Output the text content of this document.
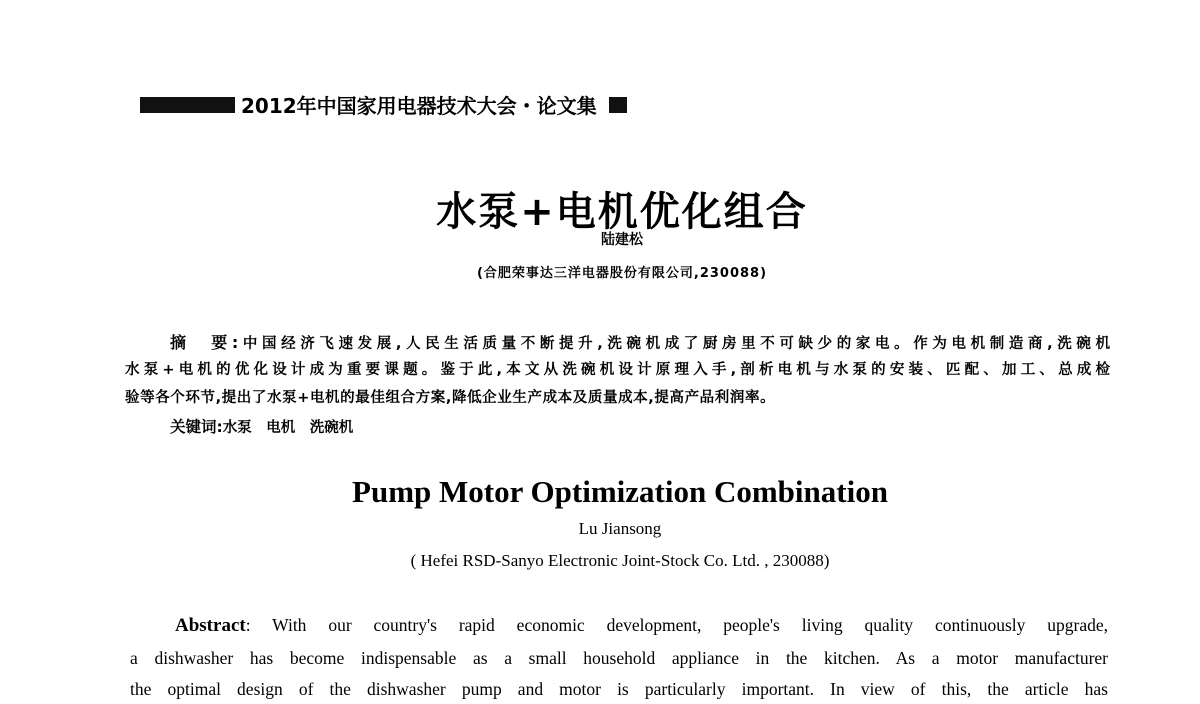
2012年中国家用电器技术大会・论文集
水泵+电机优化组合
陆建松
(合肥荣事达三洋电器股份有限公司,230088)
摘　要:中国经济飞速发展,人民生活质量不断提升,洗碗机成了厨房里不可缺少的家电。作为电机制造商,洗碗机
水泵+电机的优化设计成为重要课题。鉴于此,本文从洗碗机设计原理入手,剖析电机与水泵的安装、匹配、加工、总成检
验等各个环节,提出了水泵+电机的最佳组合方案,降低企业生产成本及质量成本,提高产品利润率。
关键词:水泵　电机　洗碗机
Pump Motor Optimization Combination
Lu Jiansong
( Hefei RSD-Sanyo Electronic Joint-Stock Co. Ltd. , 230088)
Abstract: With our country's rapid economic development, people's living quality continuously upgrade,
a dishwasher has become indispensable as a small household appliance in the kitchen. As a motor manufacturer
the optimal design of the dishwasher pump and motor is particularly important. In view of this, the article has
